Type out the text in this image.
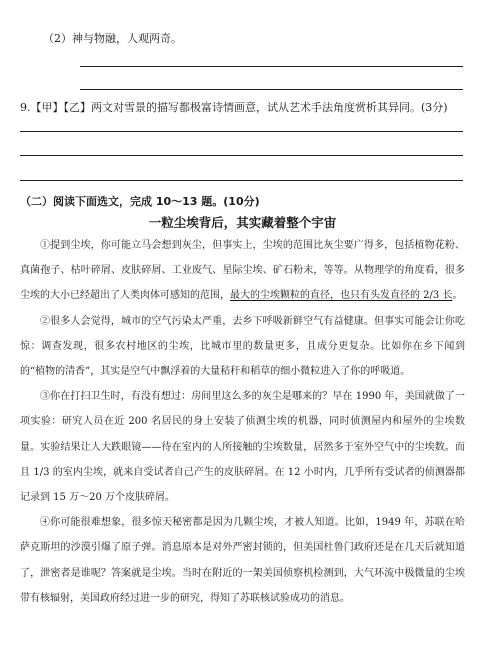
（2）神与物融，人观两奇。
9.【甲】【乙】两文对雪景的描写都极富诗情画意，试从艺术手法角度赏析其异同。(3分)
（二）阅读下面选文，完成 10～13 题。(10分)
一粒尘埃背后，其实藏着整个宇宙

①提到尘埃，你可能立马会想到灰尘，但事实上，尘埃的范围比灰尘要广得多，包括植物花粉、真菌孢子、枯叶碎屑、皮肤碎屑、工业废气、星际尘埃、矿石粉末，等等。从物理学的角度看，很多尘埃的大小已经超出了人类肉体可感知的范围，最大的尘埃颗粒的直径，也只有头发直径的 2/3 长。

②很多人会觉得，城市的空气污染太严重，去乡下呼吸新鲜空气有益健康。但事实可能会让你吃惊：调查发现，很多农村地区的尘埃，比城市里的数量更多，且成分更复杂。比如你在乡下闻到的“植物的清香”，其实是空气中飘浮着的大量秸秆和稻草的细小微粒进入了你的呼吸道。

③你在打扫卫生时，有没有想过：房间里这么多的灰尘是哪来的？早在 1990 年，美国就做了一项实验：研究人员在近 200 名居民的身上安装了侦测尘埃的机器，同时侦测屋内和屋外的尘埃数量。实验结果让人大跌眼镜——待在室内的人所接触的尘埃数量，居然多于室外空气中的尘埃数。而且 1/3 的室内尘埃，就来自受试者自己产生的皮肤碎屑。在 12 小时内，几乎所有受试者的侦测器都记录到 15 万～20 万个皮肤碎屑。

④你可能很难想象，很多惊天秘密都是因为几颗尘埃，才被人知道。比如，1949 年，苏联在哈萨克斯坦的沙漠引爆了原子弹。消息原本是对外严密封锁的，但美国杜鲁门政府还是在几天后就知道了，泄密者是谁呢？答案就是尘埃。当时在附近的一架美国侦察机检测到，大气环流中极微量的尘埃带有核辐射，美国政府经过进一步的研究，得知了苏联核试验成功的消息。
